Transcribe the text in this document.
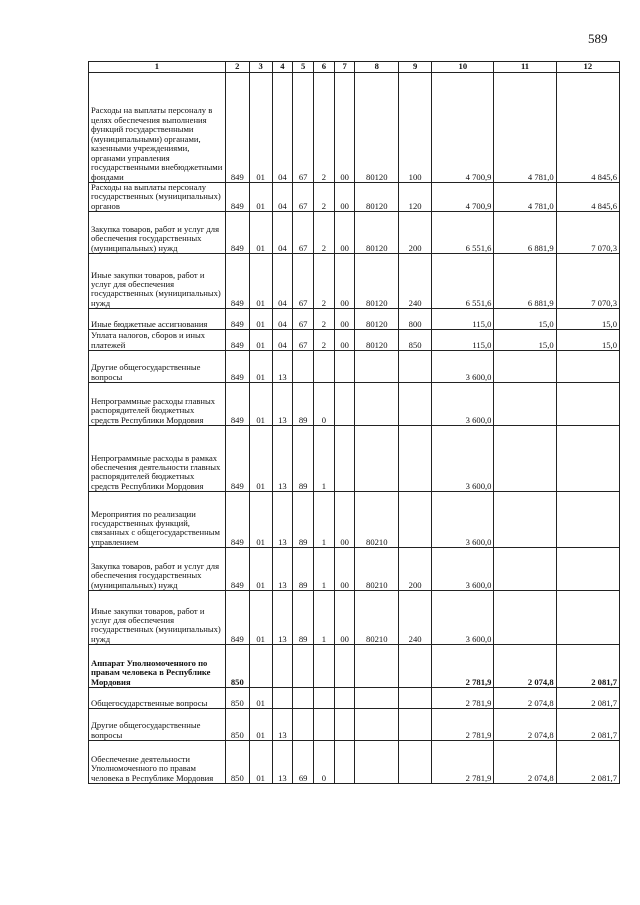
589
1	2	3	4	5	6	7	8	9	10	11	12
Расходы на выплаты персоналу в целях обеспечения выполнения функций государственными (муниципальными) органами, казенными учреждениями, органами управления государственными внебюджетными фондами	849	01	04	67	2	00	80120	100	4 700,9	4 781,0	4 845,6
Расходы на выплаты персоналу государственных (муниципальных) органов	849	01	04	67	2	00	80120	120	4 700,9	4 781,0	4 845,6
Закупка товаров, работ и услуг для обеспечения государственных (муниципальных) нужд	849	01	04	67	2	00	80120	200	6 551,6	6 881,9	7 070,3
Иные закупки товаров, работ и услуг для обеспечения государственных (муниципальных) нужд	849	01	04	67	2	00	80120	240	6 551,6	6 881,9	7 070,3
Иные бюджетные ассигнования	849	01	04	67	2	00	80120	800	115,0	15,0	15,0
Уплата налогов, сборов и иных платежей	849	01	04	67	2	00	80120	850	115,0	15,0	15,0
Другие общегосударственные вопросы	849	01	13						3 600,0		
Непрограммные расходы главных распорядителей бюджетных средств Республики Мордовия	849	01	13	89	0				3 600,0		
Непрограммные расходы в рамках обеспечения деятельности главных распорядителей бюджетных средств Республики Мордовия	849	01	13	89	1				3 600,0		
Мероприятия по реализации государственных функций, связанных с общегосударственным управлением	849	01	13	89	1	00	80210		3 600,0		
Закупка товаров, работ и услуг для обеспечения государственных (муниципальных) нужд	849	01	13	89	1	00	80210	200	3 600,0		
Иные закупки товаров, работ и услуг для обеспечения государственных (муниципальных) нужд	849	01	13	89	1	00	80210	240	3 600,0		
Аппарат Уполномоченного по правам человека в Республике Мордовия	850								2 781,9	2 074,8	2 081,7
Общегосударственные вопросы	850	01							2 781,9	2 074,8	2 081,7
Другие общегосударственные вопросы	850	01	13						2 781,9	2 074,8	2 081,7
Обеспечение деятельности Уполномоченного по правам человека в Республике Мордовия	850	01	13	69	0				2 781,9	2 074,8	2 081,7
